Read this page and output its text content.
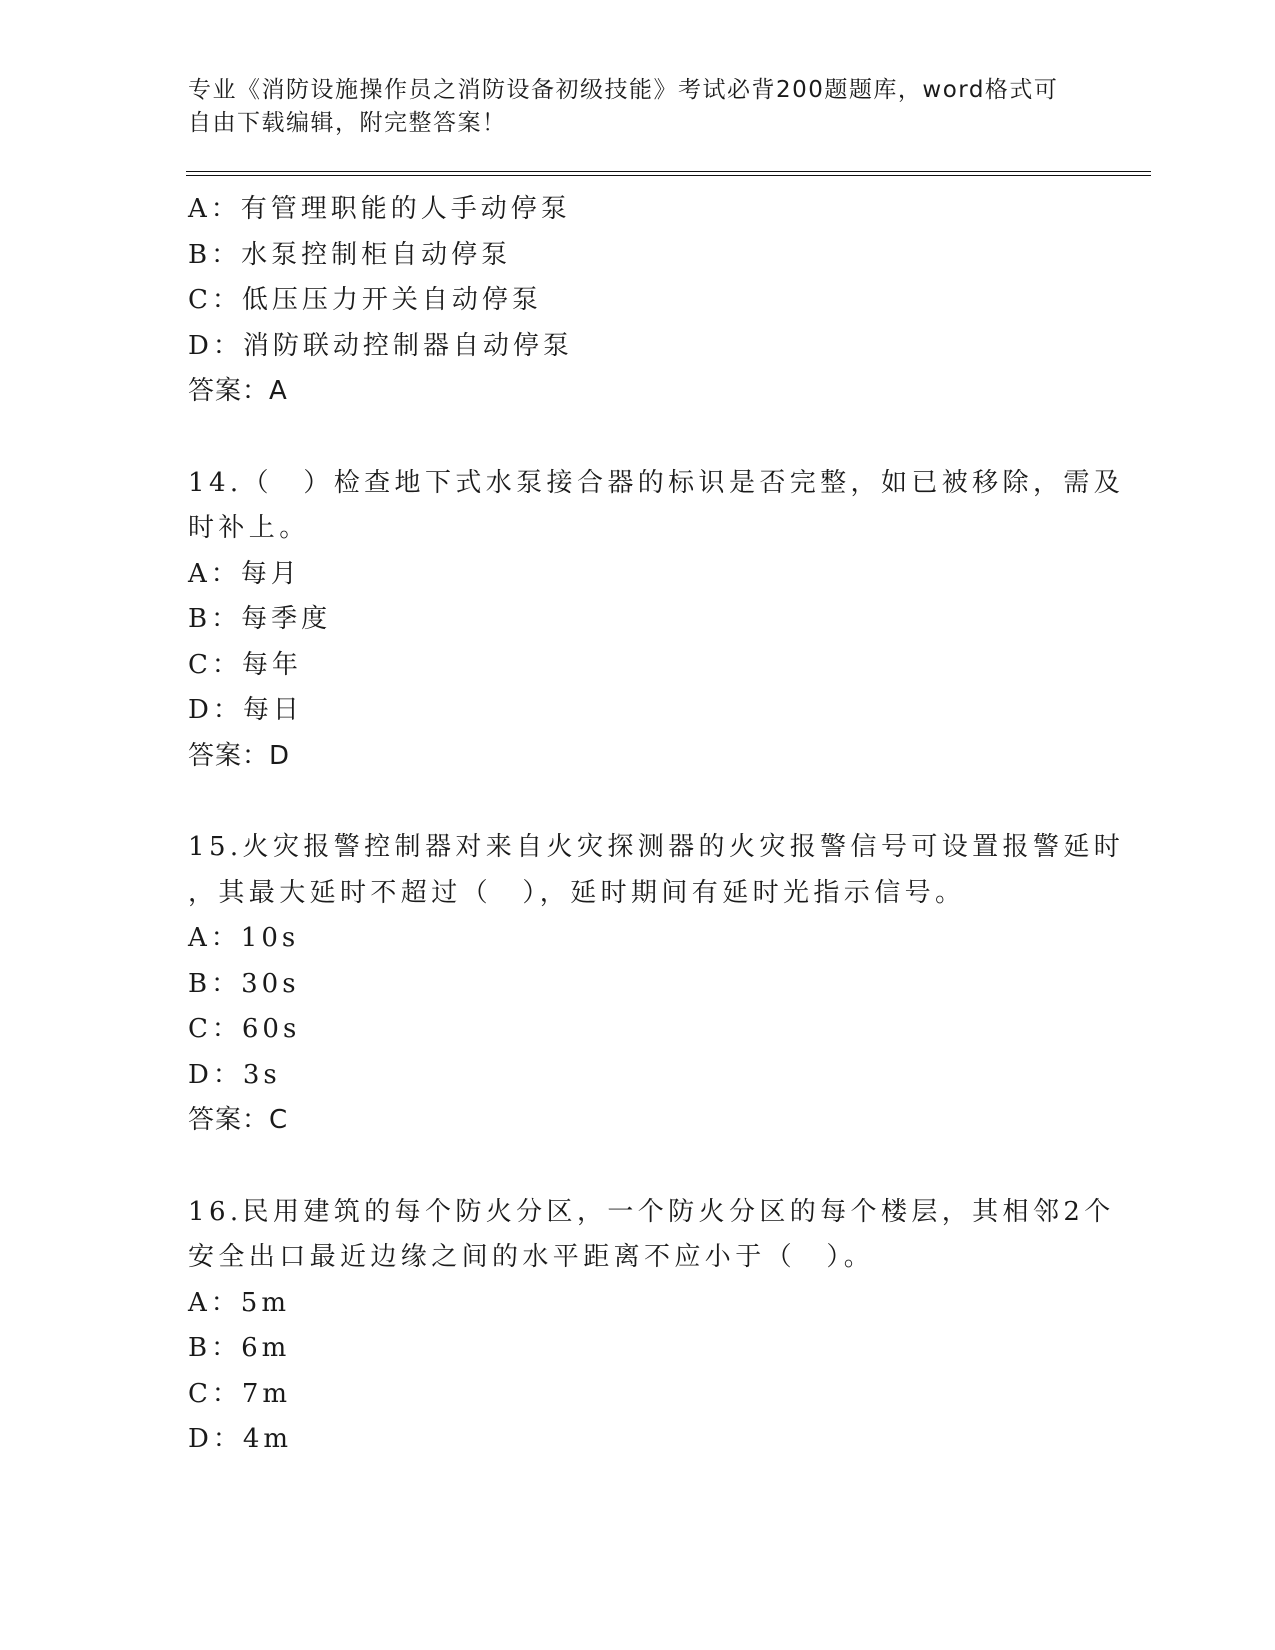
专业《消防设施操作员之消防设备初级技能》考试必背200题题库，word格式可
自由下载编辑，附完整答案！
A：有管理职能的人手动停泵
B：水泵控制柜自动停泵
C：低压压力开关自动停泵
D：消防联动控制器自动停泵
答案：A
14.（　）检查地下式水泵接合器的标识是否完整，如已被移除，需及
时补上。
A：每月
B：每季度
C：每年
D：每日
答案：D
15.火灾报警控制器对来自火灾探测器的火灾报警信号可设置报警延时
，其最大延时不超过（　），延时期间有延时光指示信号。
A：10s
B：30s
C：60s
D：3s
答案：C
16.民用建筑的每个防火分区，一个防火分区的每个楼层，其相邻2个
安全出口最近边缘之间的水平距离不应小于（　）。
A：5m
B：6m
C：7m
D：4m
